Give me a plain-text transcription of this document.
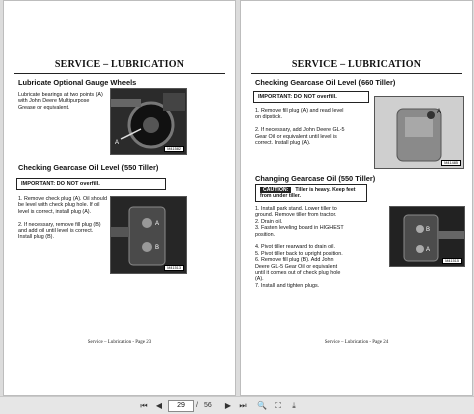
SERVICE – LUBRICATION
Lubricate Optional Gauge Wheels
Lubricate bearings at two points (A)
with John Deere Multipurpose
Grease or equivalent.
A
M41582
Checking Gearcase Oil Level (550 Tiller)
IMPORTANT: DO NOT overfill.
1. Remove check plug (A). Oil should
be level with check plug hole. If oil
level is correct, install plug (A).

2. If necessary, remove fill plug (B)
and add oil until level is correct.
Install plug (B).
A
B
M41513
Service – Lubrication - Page 23
SERVICE – LUBRICATION
Checking Gearcase Oil Level (660 Tiller)
IMPORTANT: DO NOT overfill.
1. Remove fill plug (A) and read level
on dipstick.

2. If necessary, add John Deere GL-5
Gear Oil or equivalent until level is
correct. Install plug (A).
A
M41485
Changing Gearcase Oil (550 Tiller)
CAUTION: Tiller is heavy. Keep feet from under tiller.
1. Install park stand. Lower tiller to
ground. Remove tiller from tractor.
2. Drain oil.
3. Fasten leveling board in HIGHEST
position.

4. Pivot tiller rearward to drain oil.
5. Pivot tiller back to upright position.
6. Remove fill plug (B). Add John
Deere GL-5 Gear Oil or equivalent
until it comes out of check plug hole
(A).
7. Install and tighten plugs.
B
A
M41515
Service – Lubrication - Page 24
⏮	◀	29	/ 56	▶	⏭	🔍	⛶	⤓
